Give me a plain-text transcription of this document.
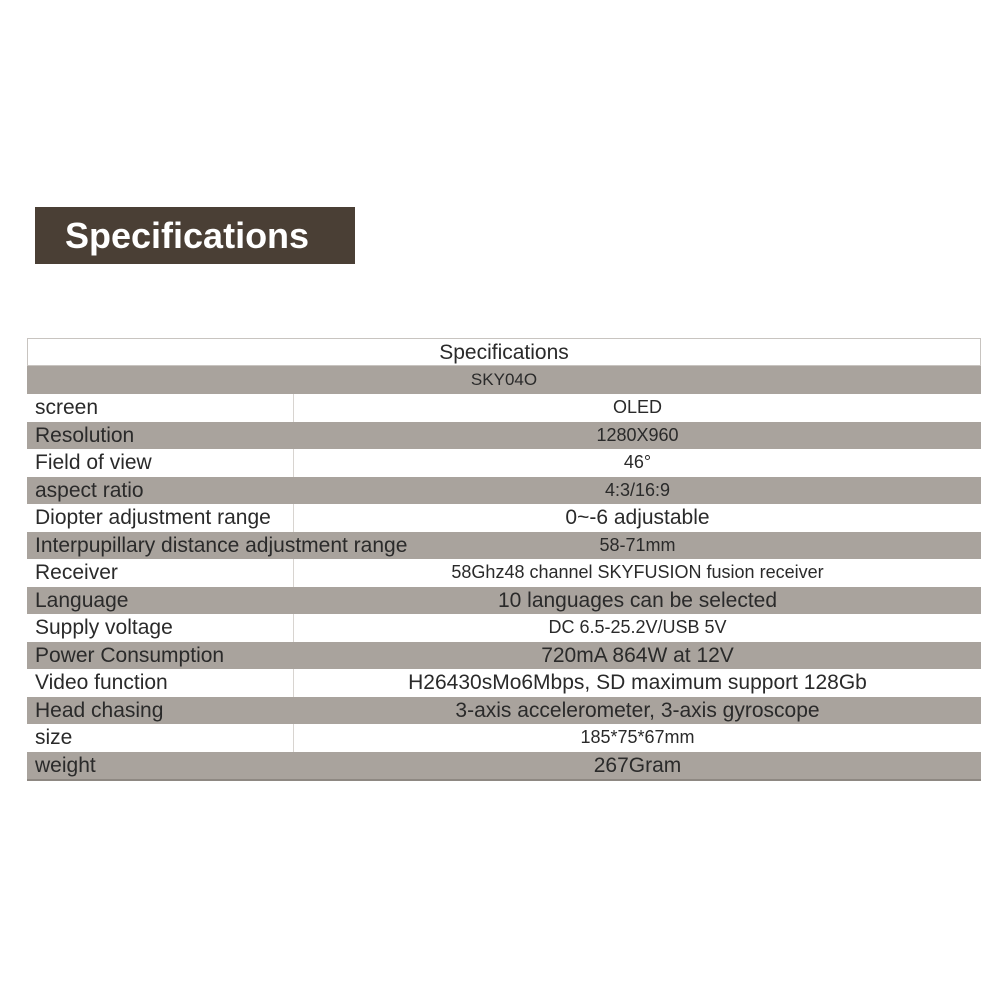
Specifications
Specifications
SKY04O
screen	OLED
Resolution	1280X960
Field of view	46°
aspect ratio	4:3/16:9
Diopter adjustment range	0~-6 adjustable
Interpupillary distance adjustment range	58-71mm
Receiver	58Ghz48 channel SKYFUSION fusion receiver
Language	10 languages can be selected
Supply voltage	DC 6.5-25.2V/USB 5V
Power Consumption	720mA 864W at 12V
Video function	H26430sMo6Mbps, SD maximum support 128Gb
Head chasing	3-axis accelerometer, 3-axis gyroscope
size	185*75*67mm
weight	267Gram
